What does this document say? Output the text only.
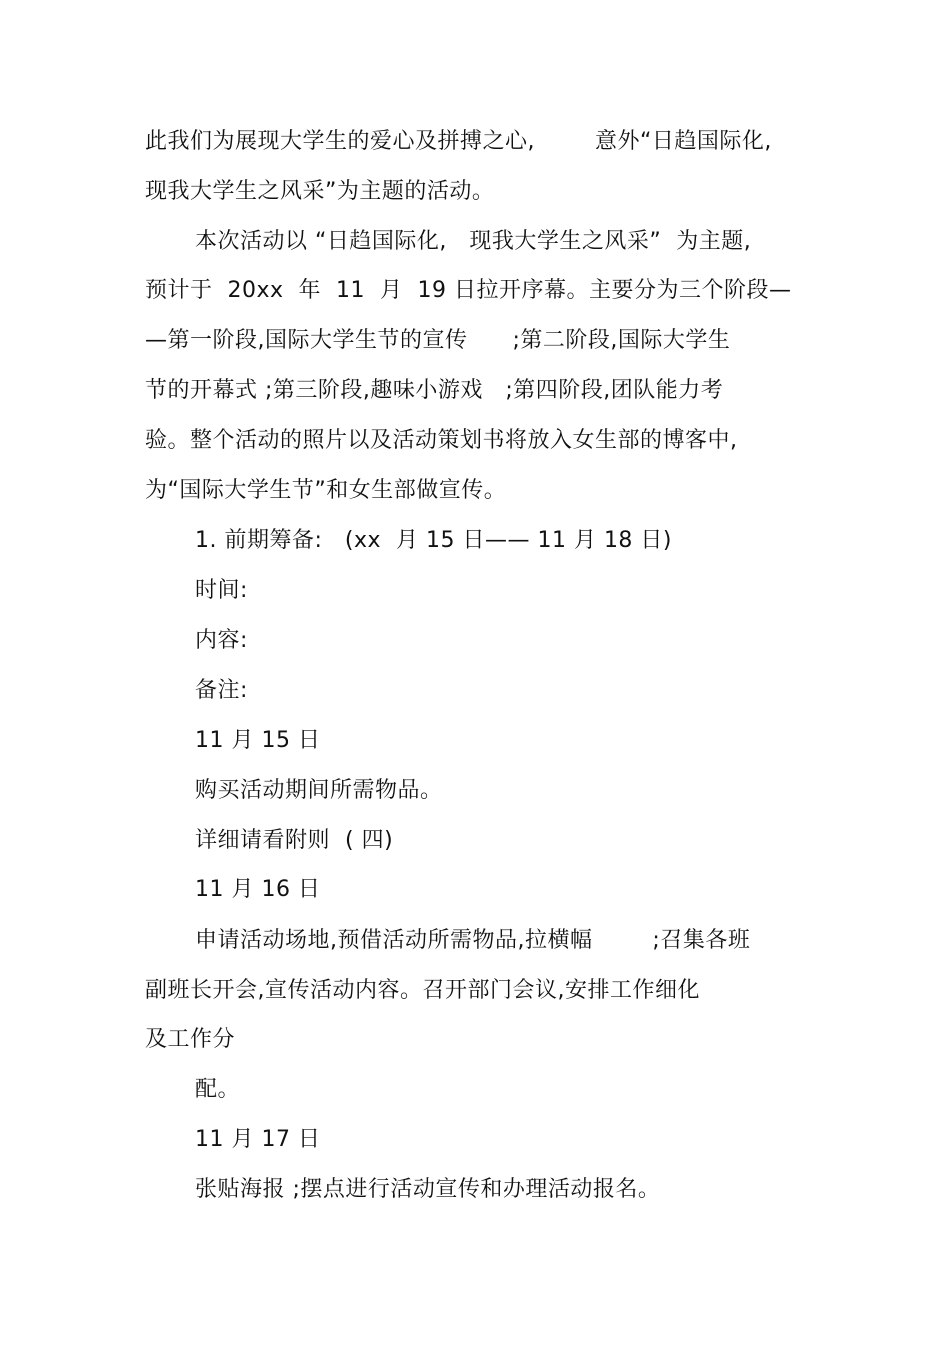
此我们为展现大学生的爱心及拼搏之心,        意外“日趋国际化,
现我大学生之风采”为主题的活动。
本次活动以 “日趋国际化,   现我大学生之风采”  为主题,
预计于  20xx  年  11  月  19 日拉开序幕。主要分为三个阶段—
—第一阶段,国际大学生节的宣传      ;第二阶段,国际大学生
节的开幕式 ;第三阶段,趣味小游戏   ;第四阶段,团队能力考
验。整个活动的照片以及活动策划书将放入女生部的博客中,
为“国际大学生节”和女生部做宣传。
1. 前期筹备:   (xx  月 15 日—— 11 月 18 日)
时间:
内容:
备注:
11 月 15 日
购买活动期间所需物品。
详细请看附则  ( 四)
11 月 16 日
申请活动场地,预借活动所需物品,拉横幅        ;召集各班
副班长开会,宣传活动内容。召开部门会议,安排工作细化
及工作分
配。
11 月 17 日
张贴海报 ;摆点进行活动宣传和办理活动报名。
